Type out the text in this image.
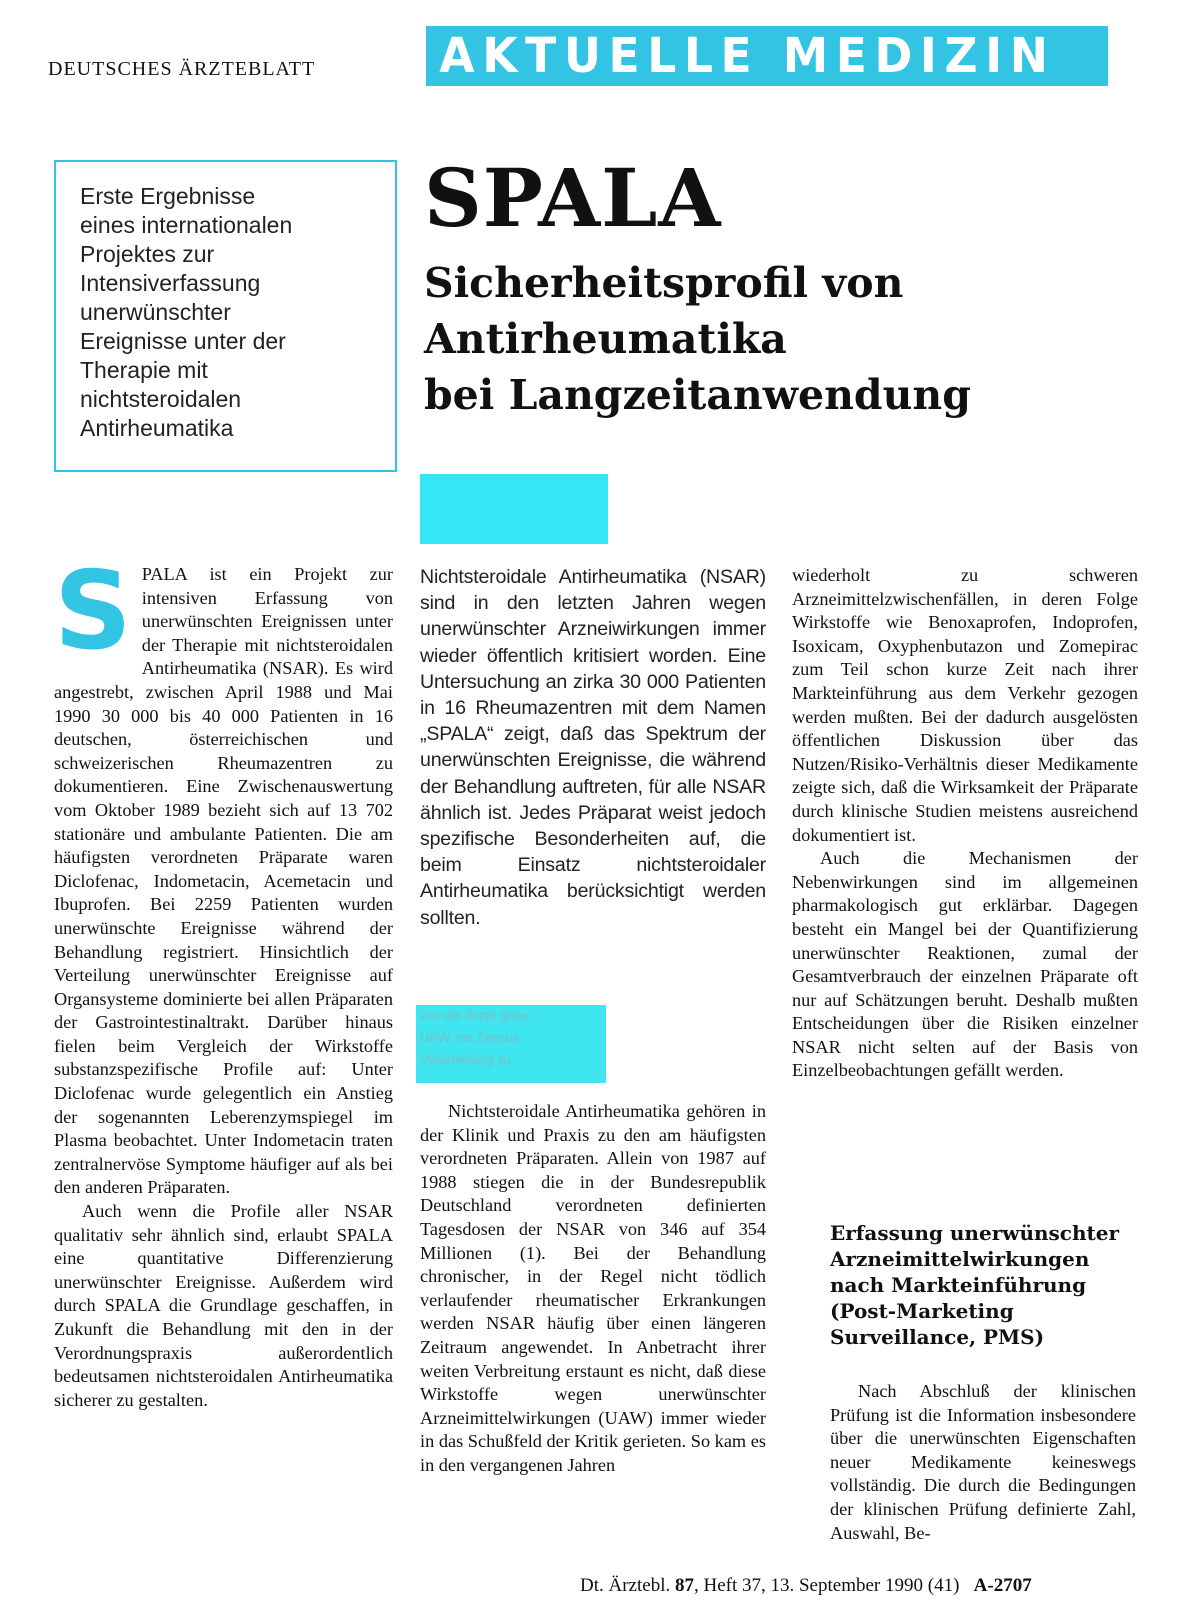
DEUTSCHES ÄRZTEBLATT	AKTUELLE MEDIZIN
Erste Ergebnisse
eines internationalen
Projektes zur
Intensiverfassung
unerwünschter
Ereignisse unter der
Therapie mit
nichtsteroidalen
Antirheumatika
SPALA
Sicherheitsprofil von
Antirheumatika
bei Langzeitanwendung
S PALA ist ein Projekt zur intensiven Erfassung von unerwünschten Ereignissen unter der Therapie mit nichtsteroidalen Antirheumatika (NSAR). Es wird angestrebt, zwischen April 1988 und Mai 1990 30 000 bis 40 000 Patienten in 16 deutschen, österreichischen und schweizerischen Rheumazentren zu dokumentieren. Eine Zwischenauswertung vom Oktober 1989 bezieht sich auf 13 702 stationäre und ambulante Patienten. Die am häufigsten verordneten Präparate waren Diclofenac, Indometacin, Acemetacin und Ibuprofen. Bei 2259 Patienten wurden unerwünschte Ereignisse während der Behandlung registriert. Hinsichtlich der Verteilung unerwünschter Ereignisse auf Organsysteme dominierte bei allen Präparaten der Gastrointestinaltrakt. Darüber hinaus fielen beim Vergleich der Wirkstoffe substanzspezifische Profile auf: Unter Diclofenac wurde gelegentlich ein Anstieg der sogenannten Leberenzymspiegel im Plasma beobachtet. Unter Indometacin traten zentralnervöse Symptome häufiger auf als bei den anderen Präparaten.

Auch wenn die Profile aller NSAR qualitativ sehr ähnlich sind, erlaubt SPALA eine quantitative Differenzierung unerwünschter Ereignisse. Außerdem wird durch SPALA die Grundlage geschaffen, in Zukunft die Behandlung mit den in der Verordnungspraxis außerordentlich bedeutsamen nichtsteroidalen Antirheumatika sicherer zu gestalten.

Nichtsteroidale Antirheumatika (NSAR) sind in den letzten Jahren wegen unerwünschter Arzneiwirkungen immer wieder öffentlich kritisiert worden. Eine Untersuchung an zirka 30 000 Patienten in 16 Rheumazentren mit dem Namen „SPALA“ zeigt, daß das Spektrum der unerwünschten Ereignisse, die während der Behandlung auftreten, für alle NSAR ähnlich ist. Jedes Präparat weist jedoch spezifische Besonderheiten auf, die beim Einsatz nichtsteroidaler Antirheumatika berücksichtigt werden sollten.

von die Ärzte gebe-
UAW, ins Zensus
Verarbeitung zu

Nichtsteroidale Antirheumatika gehören in der Klinik und Praxis zu den am häufigsten verordneten Präparaten. Allein von 1987 auf 1988 stiegen die in der Bundesrepublik Deutschland verordneten definierten Tagesdosen der NSAR von 346 auf 354 Millionen (1). Bei der Behandlung chronischer, in der Regel nicht tödlich verlaufender rheumatischer Erkrankungen werden NSAR häufig über einen längeren Zeitraum angewendet. In Anbetracht ihrer weiten Verbreitung erstaunt es nicht, daß diese Wirkstoffe wegen unerwünschter Arzneimittelwirkungen (UAW) immer wieder in das Schußfeld der Kritik gerieten. So kam es in den vergangenen Jahren

wiederholt zu schweren Arzneimittelzwischenfällen, in deren Folge Wirkstoffe wie Benoxaprofen, Indoprofen, Isoxicam, Oxyphenbutazon und Zomepirac zum Teil schon kurze Zeit nach ihrer Markteinführung aus dem Verkehr gezogen werden mußten. Bei der dadurch ausgelösten öffentlichen Diskussion über das Nutzen/Risiko-Verhältnis dieser Medikamente zeigte sich, daß die Wirksamkeit der Präparate durch klinische Studien meistens ausreichend dokumentiert ist.

Auch die Mechanismen der Nebenwirkungen sind im allgemeinen pharmakologisch gut erklärbar. Dagegen besteht ein Mangel bei der Quantifizierung unerwünschter Reaktionen, zumal der Gesamtverbrauch der einzelnen Präparate oft nur auf Schätzungen beruht. Deshalb mußten Entscheidungen über die Risiken einzelner NSAR nicht selten auf der Basis von Einzelbeobachtungen gefällt werden.

Erfassung unerwünschter
Arzneimittelwirkungen
nach Markteinführung
(Post-Marketing
Surveillance, PMS)

Nach Abschluß der klinischen Prüfung ist die Information insbesondere über die unerwünschten Eigenschaften neuer Medikamente keineswegs vollständig. Die durch die Bedingungen der klinischen Prüfung definierte Zahl, Auswahl, Be-

Dt. Ärztebl. 87, Heft 37, 13. September 1990 (41) A-2707
